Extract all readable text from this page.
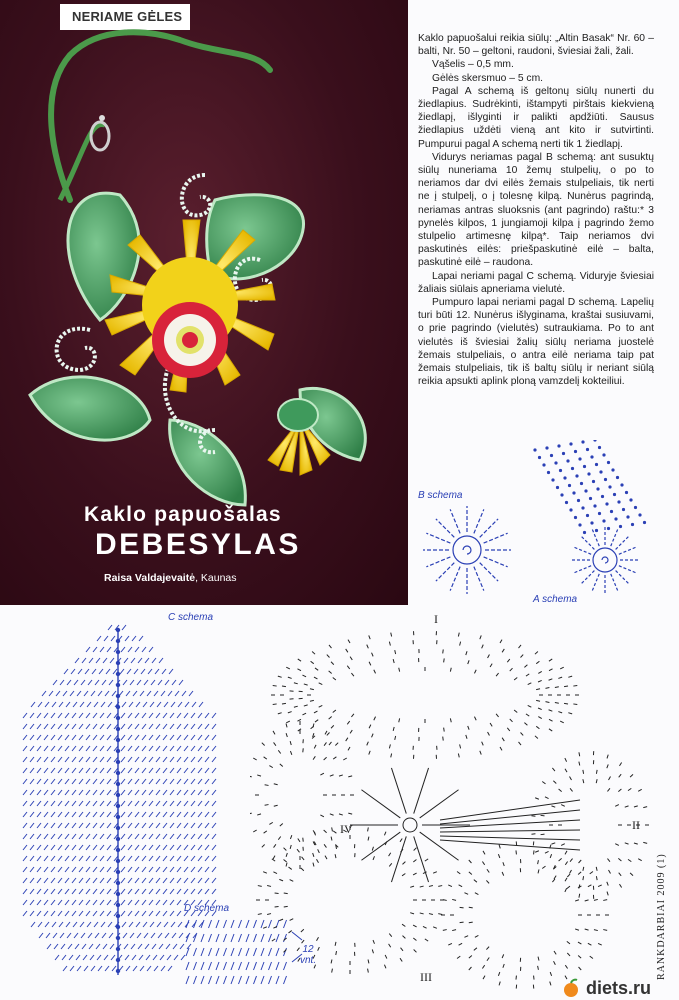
NERIAME GĖLES
Kaklo papuošalas
DEBESYLAS
Raisa Valdajevaitė, Kaunas

Kaklo papuošalui reikia siūlų: „Altin Basak“ Nr. 60 – balti, Nr. 50 – geltoni, raudoni, šviesiai žali, žali.

Vąšelis – 0,5 mm.

Gėlės skersmuo – 5 cm.

Pagal A schemą iš geltonų siūlų nunerti du žiedlapius. Sudrėkinti, ištampyti pirštais kiekvieną žiedlapį, išlyginti ir palikti apdžiūti. Sausus žiedlapius uždėti vieną ant kito ir sutvirtinti. Pumpurui pagal A schemą nerti tik 1 žiedlapį.

Vidurys neriamas pagal B schemą: ant susuktų siūlų nuneriama 10 žemų stulpelių, o po to neriamos dar dvi eilės žemais stulpeliais, tik nerti ne į stulpelį, o į tolesnę kilpą. Nunėrus pagrindą, neriamas antras sluoksnis (ant pagrindo) raštu:* 3 pynelės kilpos, 1 jungiamoji kilpa į pagrindo žemo stulpelio artimesnę kilpą*. Taip neriamos dvi paskutinės eilės: priešpaskutinė eilė – balta, paskutinė eilė – raudona.

Lapai neriami pagal C schemą. Viduryje šviesiai žaliais siūlais apneriama vielutė.

Pumpuro lapai neriami pagal D schemą. Lapelių turi būti 12. Nunėrus išlyginama, kraštai susiuvami, o prie pagrindo (vielutės) sutraukiama. Po to ant vielutės iš šviesiai žalių siūlų neriama juostelė žemais stulpeliais, o antra eilė neriama taip pat žemais stulpeliais, tik iš baltų siūlų ir neriant siūlą reikia apsukti aplink ploną vamzdelį kokteiliui.

B schema
A schema
C schema
D schema
12
vnt.
I
II
III
IV
RANKDARBIAI 2009 (1)
diets.ru
